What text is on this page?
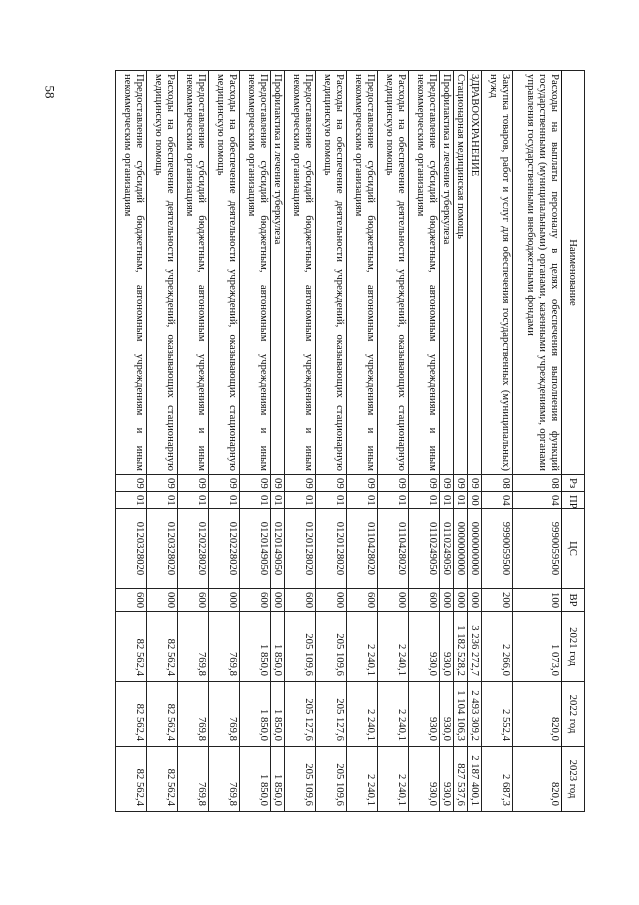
58
Наименование	Рз	ПР	ЦС	ВР	2021 год	2022 год	2023 год
Расходы на выплаты персоналу в целях обеспечения выполнения функций государственными (муниципальными) органами, казенными учреждениями, органами управления государственными внебюджетными фондами	08	04	9990059500	100	1 073,0	820,0	820,0
Закупка товаров, работ и услуг для обеспечения государственных (муниципальных) нужд	08	04	9990059500	200	2 266,0	2 552,4	2 687,3
ЗДРАВООХРАНЕНИЕ	09	00	0000000000	000	3 236 272,7	2 493 309,2	2 187 400,1
Стационарная медицинская помощь	09	01	0000000000	000	1 182 528,2	1 104 106,3	827 537,6
Профилактика и лечение туберкулеза	09	01	0110249050	000	930,0	930,0	930,0
Предоставление субсидий бюджетным, автономным учреждениям и иным некоммерческим организациям	09	01	0110249050	600	930,0	930,0	930,0
Расходы на обеспечение деятельности учреждений, оказывающих стационарную медицинскую помощь	09	01	0110428020	000	2 240,1	2 240,1	2 240,1
Предоставление субсидий бюджетным, автономным учреждениям и иным некоммерческим организациям	09	01	0110428020	600	2 240,1	2 240,1	2 240,1
Расходы на обеспечение деятельности учреждений, оказывающих стационарную медицинскую помощь	09	01	0120128020	000	205 109,6	205 127,6	205 109,6
Предоставление субсидий бюджетным, автономным учреждениям и иным некоммерческим организациям	09	01	0120128020	600	205 109,6	205 127,6	205 109,6
Профилактика и лечение туберкулеза	09	01	0120149050	000	1 850,0	1 850,0	1 850,0
Предоставление субсидий бюджетным, автономным учреждениям и иным некоммерческим организациям	09	01	0120149050	600	1 850,0	1 850,0	1 850,0
Расходы на обеспечение деятельности учреждений, оказывающих стационарную медицинскую помощь	09	01	0120228020	000	769,8	769,8	769,8
Предоставление субсидий бюджетным, автономным учреждениям и иным некоммерческим организациям	09	01	0120228020	600	769,8	769,8	769,8
Расходы на обеспечение деятельности учреждений, оказывающих стационарную медицинскую помощь	09	01	0120328020	000	82 562,4	82 562,4	82 562,4
Предоставление субсидий бюджетным, автономным учреждениям и иным некоммерческим организациям	09	01	0120328020	600	82 562,4	82 562,4	82 562,4
